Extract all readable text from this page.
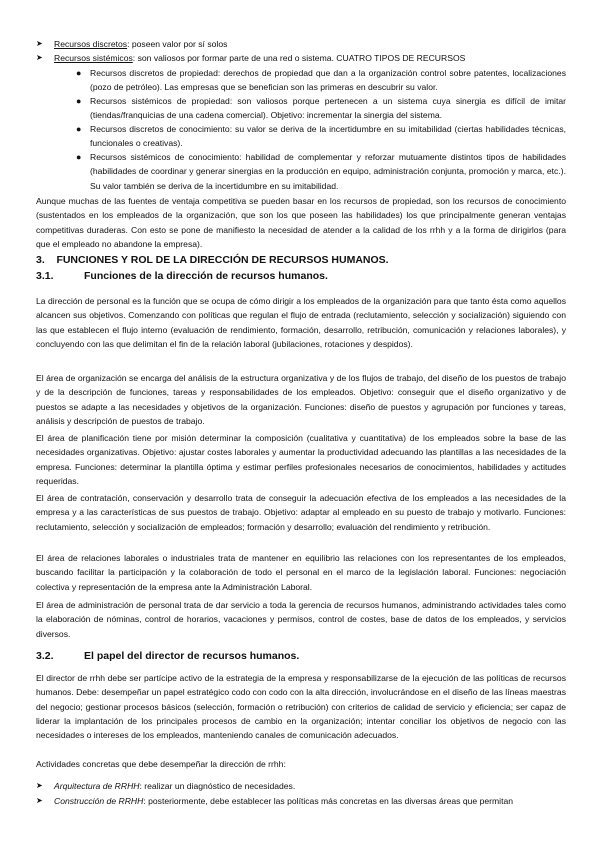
➤ Recursos discretos: poseen valor por sí solos
➤ Recursos sistémicos: son valiosos por formar parte de una red o sistema. CUATRO TIPOS DE RECURSOS
● Recursos discretos de propiedad: derechos de propiedad que dan a la organización control sobre patentes, localizaciones (pozo de petróleo). Las empresas que se benefician son las primeras en descubrir su valor.
● Recursos sistémicos de propiedad: son valiosos porque pertenecen a un sistema cuya sinergia es difícil de imitar (tiendas/franquicias de una cadena comercial). Objetivo: incrementar la sinergia del sistema.
● Recursos discretos de conocimiento: su valor se deriva de la incertidumbre en su imitabilidad (ciertas habilidades técnicas, funcionales o creativas).
● Recursos sistémicos de conocimiento: habilidad de complementar y reforzar mutuamente distintos tipos de habilidades (habilidades de coordinar y generar sinergias en la producción en equipo, administración conjunta, promoción y marca, etc.). Su valor también se deriva de la incertidumbre en su imitabilidad.

Aunque muchas de las fuentes de ventaja competitiva se pueden basar en los recursos de propiedad, son los recursos de conocimiento (sustentados en los empleados de la organización, que son los que poseen las habilidades) los que principalmente generan ventajas competitivas duraderas. Con esto se pone de manifiesto la necesidad de atender a la calidad de los rrhh y a la forma de dirigirlos (para que el empleado no abandone la empresa).

3. FUNCIONES Y ROL DE LA DIRECCIÓN DE RECURSOS HUMANOS.
3.1.	Funciones de la dirección de recursos humanos.

La dirección de personal es la función que se ocupa de cómo dirigir a los empleados de la organización para que tanto ésta como aquellos alcancen sus objetivos. Comenzando con políticas que regulan el flujo de entrada (reclutamiento, selección y socialización) siguiendo con las que establecen el flujo interno (evaluación de rendimiento, formación, desarrollo, retribución, comunicación y relaciones laborales), y concluyendo con las que delimitan el fin de la relación laboral (jubilaciones, rotaciones y despidos).

El área de organización se encarga del análisis de la estructura organizativa y de los flujos de trabajo, del diseño de los puestos de trabajo y de la descripción de funciones, tareas y responsabilidades de los empleados. Objetivo: conseguir que el diseño organizativo y de puestos se adapte a las necesidades y objetivos de la organización. Funciones: diseño de puestos y agrupación por funciones y tareas, análisis y descripción de puestos de trabajo.

El área de planificación tiene por misión determinar la composición (cualitativa y cuantitativa) de los empleados sobre la base de las necesidades organizativas. Objetivo: ajustar costes laborales y aumentar la productividad adecuando las plantillas a las necesidades de la empresa. Funciones: determinar la plantilla óptima y estimar perfiles profesionales necesarios de conocimientos, habilidades y actitudes requeridas.

El área de contratación, conservación y desarrollo trata de conseguir la adecuación efectiva de los empleados a las necesidades de la empresa y a las características de sus puestos de trabajo. Objetivo: adaptar al empleado en su puesto de trabajo y motivarlo. Funciones: reclutamiento, selección y socialización de empleados; formación y desarrollo; evaluación del rendimiento y retribución.

El área de relaciones laborales o industriales trata de mantener en equilibrio las relaciones con los representantes de los empleados, buscando facilitar la participación y la colaboración de todo el personal en el marco de la legislación laboral. Funciones: negociación colectiva y representación de la empresa ante la Administración Laboral.

El área de administración de personal trata de dar servicio a toda la gerencia de recursos humanos, administrando actividades tales como la elaboración de nóminas, control de horarios, vacaciones y permisos, control de costes, base de datos de los empleados, y servicios diversos.

3.2.	El papel del director de recursos humanos.

El director de rrhh debe ser partícipe activo de la estrategia de la empresa y responsabilizarse de la ejecución de las políticas de recursos humanos. Debe: desempeñar un papel estratégico codo con codo con la alta dirección, involucrándose en el diseño de las líneas maestras del negocio; gestionar procesos básicos (selección, formación o retribución) con criterios de calidad de servicio y eficiencia; ser capaz de liderar la implantación de los principales procesos de cambio en la organización; intentar conciliar los objetivos de negocio con las necesidades o intereses de los empleados, manteniendo canales de comunicación adecuados.

Actividades concretas que debe desempeñar la dirección de rrhh:

➤ Arquitectura de RRHH: realizar un diagnóstico de necesidades.
➤ Construcción de RRHH: posteriormente, debe establecer las políticas más concretas en las diversas áreas que permitan
